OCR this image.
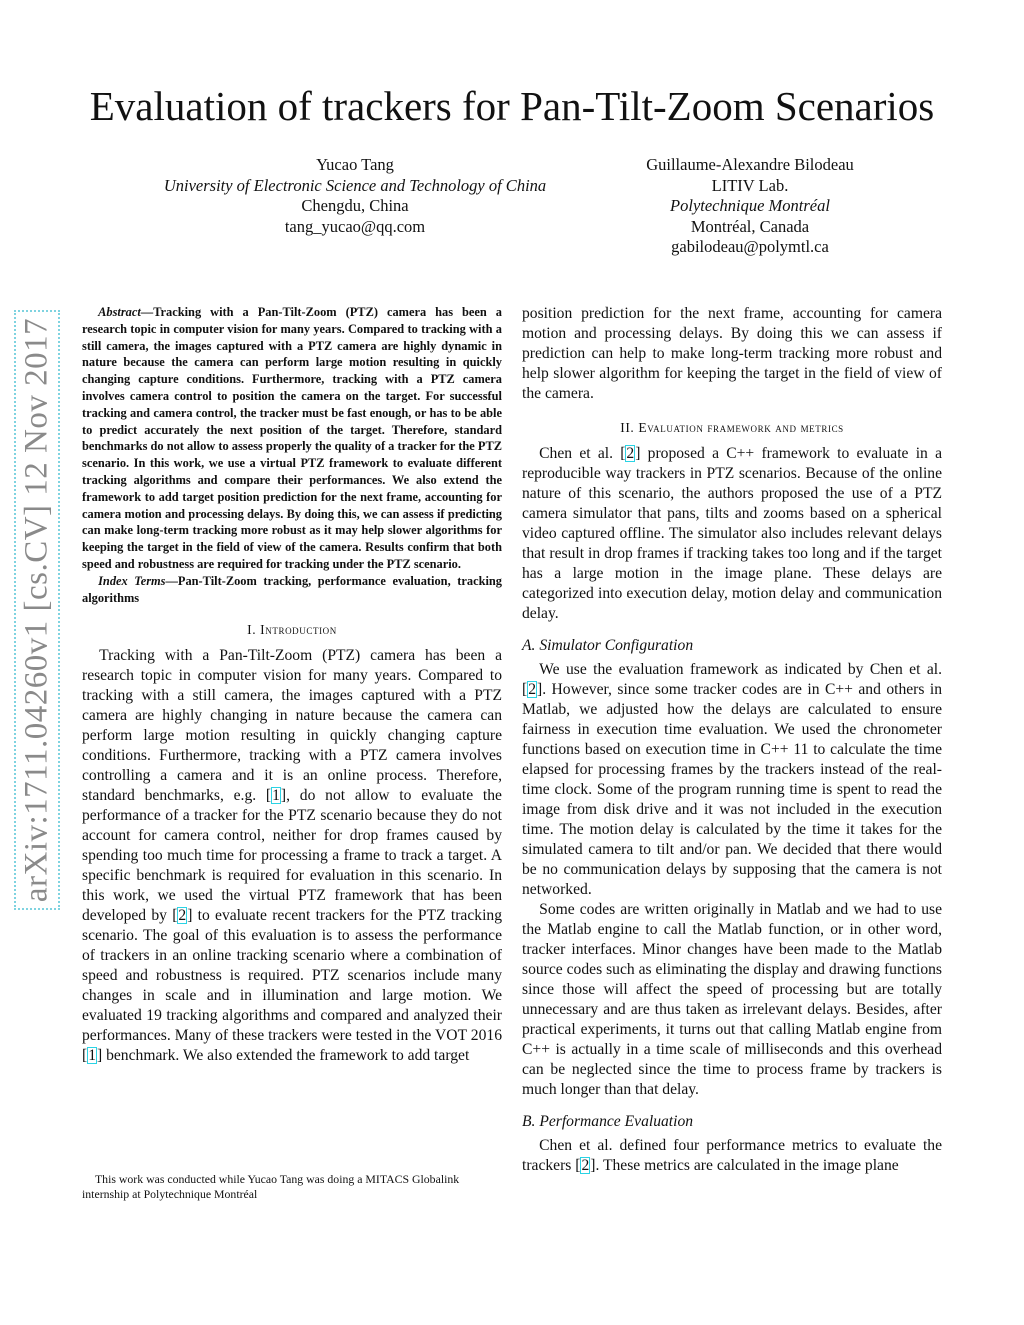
arXiv:1711.04260v1 [cs.CV] 12 Nov 2017
Evaluation of trackers for Pan-Tilt-Zoom Scenarios
Yucao Tang
University of Electronic Science and Technology of China
Chengdu, China
tang_yucao@qq.com
Guillaume-Alexandre Bilodeau
LITIV Lab.
Polytechnique Montréal
Montréal, Canada
gabilodeau@polymtl.ca

Abstract—Tracking with a Pan-Tilt-Zoom (PTZ) camera has been a research topic in computer vision for many years. Compared to tracking with a still camera, the images captured with a PTZ camera are highly dynamic in nature because the camera can perform large motion resulting in quickly changing capture conditions. Furthermore, tracking with a PTZ camera involves camera control to position the camera on the target. For successful tracking and camera control, the tracker must be fast enough, or has to be able to predict accurately the next position of the target. Therefore, standard benchmarks do not allow to assess properly the quality of a tracker for the PTZ scenario. In this work, we use a virtual PTZ framework to evaluate different tracking algorithms and compare their performances. We also extend the framework to add target position prediction for the next frame, accounting for camera motion and processing delays. By doing this, we can assess if predicting can make long-term tracking more robust as it may help slower algorithms for keeping the target in the field of view of the camera. Results confirm that both speed and robustness are required for tracking under the PTZ scenario.

Index Terms—Pan-Tilt-Zoom tracking, performance evaluation, tracking algorithms

I. Introduction

Tracking with a Pan-Tilt-Zoom (PTZ) camera has been a research topic in computer vision for many years. Compared to tracking with a still camera, the images captured with a PTZ camera are highly changing in nature because the camera can perform large motion resulting in quickly changing capture conditions. Furthermore, tracking with a PTZ camera involves controlling a camera and it is an online process. Therefore, standard benchmarks, e.g. [1], do not allow to evaluate the performance of a tracker for the PTZ scenario because they do not account for camera control, neither for drop frames caused by spending too much time for processing a frame to track a target. A specific benchmark is required for evaluation in this scenario. In this work, we used the virtual PTZ framework that has been developed by [2] to evaluate recent trackers for the PTZ tracking scenario. The goal of this evaluation is to assess the performance of trackers in an online tracking scenario where a combination of speed and robustness is required. PTZ scenarios include many changes in scale and in illumination and large motion. We evaluated 19 tracking algorithms and compared and analyzed their performances. Many of these trackers were tested in the VOT 2016 [1] benchmark. We also extended the framework to add target

This work was conducted while Yucao Tang was doing a MITACS Globalink internship at Polytechnique Montréal

position prediction for the next frame, accounting for camera motion and processing delays. By doing this we can assess if prediction can help to make long-term tracking more robust and help slower algorithm for keeping the target in the field of view of the camera.

II. Evaluation framework and metrics

Chen et al. [2] proposed a C++ framework to evaluate in a reproducible way trackers in PTZ scenarios. Because of the online nature of this scenario, the authors proposed the use of a PTZ camera simulator that pans, tilts and zooms based on a spherical video captured offline. The simulator also includes relevant delays that result in drop frames if tracking takes too long and if the target has a large motion in the image plane. These delays are categorized into execution delay, motion delay and communication delay.

A. Simulator Configuration

We use the evaluation framework as indicated by Chen et al. [2]. However, since some tracker codes are in C++ and others in Matlab, we adjusted how the delays are calculated to ensure fairness in execution time evaluation. We used the chronometer functions based on execution time in C++ 11 to calculate the time elapsed for processing frames by the trackers instead of the real-time clock. Some of the program running time is spent to read the image from disk drive and it was not included in the execution time. The motion delay is calculated by the time it takes for the simulated camera to tilt and/or pan. We decided that there would be no communication delays by supposing that the camera is not networked.

Some codes are written originally in Matlab and we had to use the Matlab engine to call the Matlab function, or in other word, tracker interfaces. Minor changes have been made to the Matlab source codes such as eliminating the display and drawing functions since those will affect the speed of processing but are totally unnecessary and are thus taken as irrelevant delays. Besides, after practical experiments, it turns out that calling Matlab engine from C++ is actually in a time scale of milliseconds and this overhead can be neglected since the time to process frame by trackers is much longer than that delay.

B. Performance Evaluation

Chen et al. defined four performance metrics to evaluate the trackers [2]. These metrics are calculated in the image plane
